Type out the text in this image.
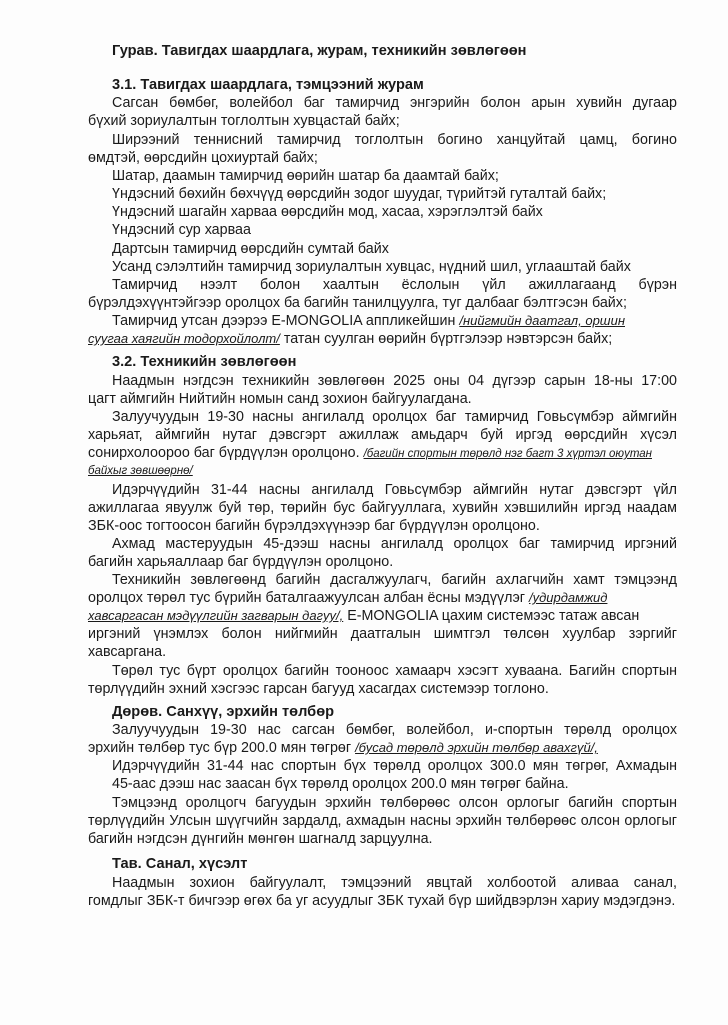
Гурав. Тавигдах шаардлага, журам, техникийн зөвлөгөөн
3.1. Тавигдах шаардлага, тэмцээний журам
Сагсан бөмбөг, волейбол баг тамирчид энгэрийн болон арын хувийн дугаар
бүхий зориулалтын тоглолтын хувцастай байх;
Ширээний теннисний тамирчид тоглолтын богино ханцуйтай цамц, богино
өмдтэй, өөрсдийн цохиуртай байх;
Шатар, даамын тамирчид өөрийн шатар ба даамтай байх;
Үндэсний бөхийн бөхчүүд өөрсдийн зодог шуудаг, түрийтэй гуталтай байх;
Үндэсний шагайн харваа өөрсдийн мод, хасаа, хэрэглэлтэй байх
Үндэсний сур харваа
Дартсын тамирчид өөрсдийн сумтай байх
Усанд сэлэлтийн тамирчид зориулалтын хувцас, нүдний шил, углааштай байх
Тамирчид нээлт болон хаалтын ёслолын үйл ажиллагаанд бүрэн
бүрэлдэхүүнтэйгээр оролцох ба багийн танилцуулга, туг далбааг бэлтгэсэн байх;
Тамирчид утсан дээрээ E-MONGOLIA аппликейшин /нийгмийн даатгал, оршин
суугаа хаягийн тодорхойлолт/ татан суулган өөрийн бүртгэлээр нэвтэрсэн байх;
3.2. Техникийн зөвлөгөөн
Наадмын нэгдсэн техникийн зөвлөгөөн 2025 оны 04 дүгээр сарын 18-ны 17:00
цагт аймгийн Нийтийн номын санд зохион байгуулагдана.
Залуучуудын 19-30 насны ангилалд оролцох баг тамирчид Говьсүмбэр аймгийн
харьяат, аймгийн нутаг дэвсгэрт ажиллаж амьдарч буй иргэд өөрсдийн хүсэл
сонирхолоороо баг бүрдүүлэн оролцоно. /багийн спортын төрөлд нэг багт 3 хүртэл оюутан
байхыг зөвшөөрнө/
Идэрчүүдийн 31-44 насны ангилалд Говьсүмбэр аймгийн нутаг дэвсгэрт үйл
ажиллагаа явуулж буй төр, төрийн бус байгууллага, хувийн хэвшилийн иргэд наадам
ЗБК-оос тогтоосон багийн бүрэлдэхүүнээр баг бүрдүүлэн оролцоно.
Ахмад мастеруудын 45-дээш насны ангилалд оролцох баг тамирчид иргэний
багийн харьяаллаар баг бүрдүүлэн оролцоно.
Техникийн зөвлөгөөнд багийн дасгалжуулагч, багийн ахлагчийн хамт тэмцээнд
оролцох төрөл тус бүрийн баталгаажуулсан албан ёсны мэдүүлэг /удирдамжид
хавсаргасан мэдүүлгийн загварын дагуу/, E-MONGOLIA цахим системээс татаж авсан
иргэний үнэмлэх болон нийгмийн даатгалын шимтгэл төлсөн хуулбар зэргийг
хавсаргана.
Төрөл тус бүрт оролцох багийн тооноос хамаарч хэсэгт хуваана. Багийн спортын
төрлүүдийн эхний хэсгээс гарсан багууд хасагдах системээр тоглоно.
Дөрөв. Санхүү, эрхийн төлбөр
Залуучуудын 19-30 нас сагсан бөмбөг, волейбол, и-спортын төрөлд оролцох
эрхийн төлбөр тус бүр 200.0 мян төгрөг /бусад төрөлд эрхийн төлбөр авахгүй/,
Идэрчүүдийн 31-44 нас спортын бүх төрөлд оролцох 300.0 мян төгрөг, Ахмадын
45-аас дээш нас заасан бүх төрөлд оролцох 200.0 мян төгрөг байна.
Тэмцээнд оролцогч багуудын эрхийн төлбөрөөс олсон орлогыг багийн спортын
төрлүүдийн Улсын шүүгчийн зардалд, ахмадын насны эрхийн төлбөрөөс олсон орлогыг
багийн нэгдсэн дүнгийн мөнгөн шагналд зарцуулна.
Тав. Санал, хүсэлт
Наадмын зохион байгуулалт, тэмцээний явцтай холбоотой аливаа санал,
гомдлыг ЗБК-т бичгээр өгөх ба уг асуудлыг ЗБК тухай бүр шийдвэрлэн хариу мэдэгдэнэ.
